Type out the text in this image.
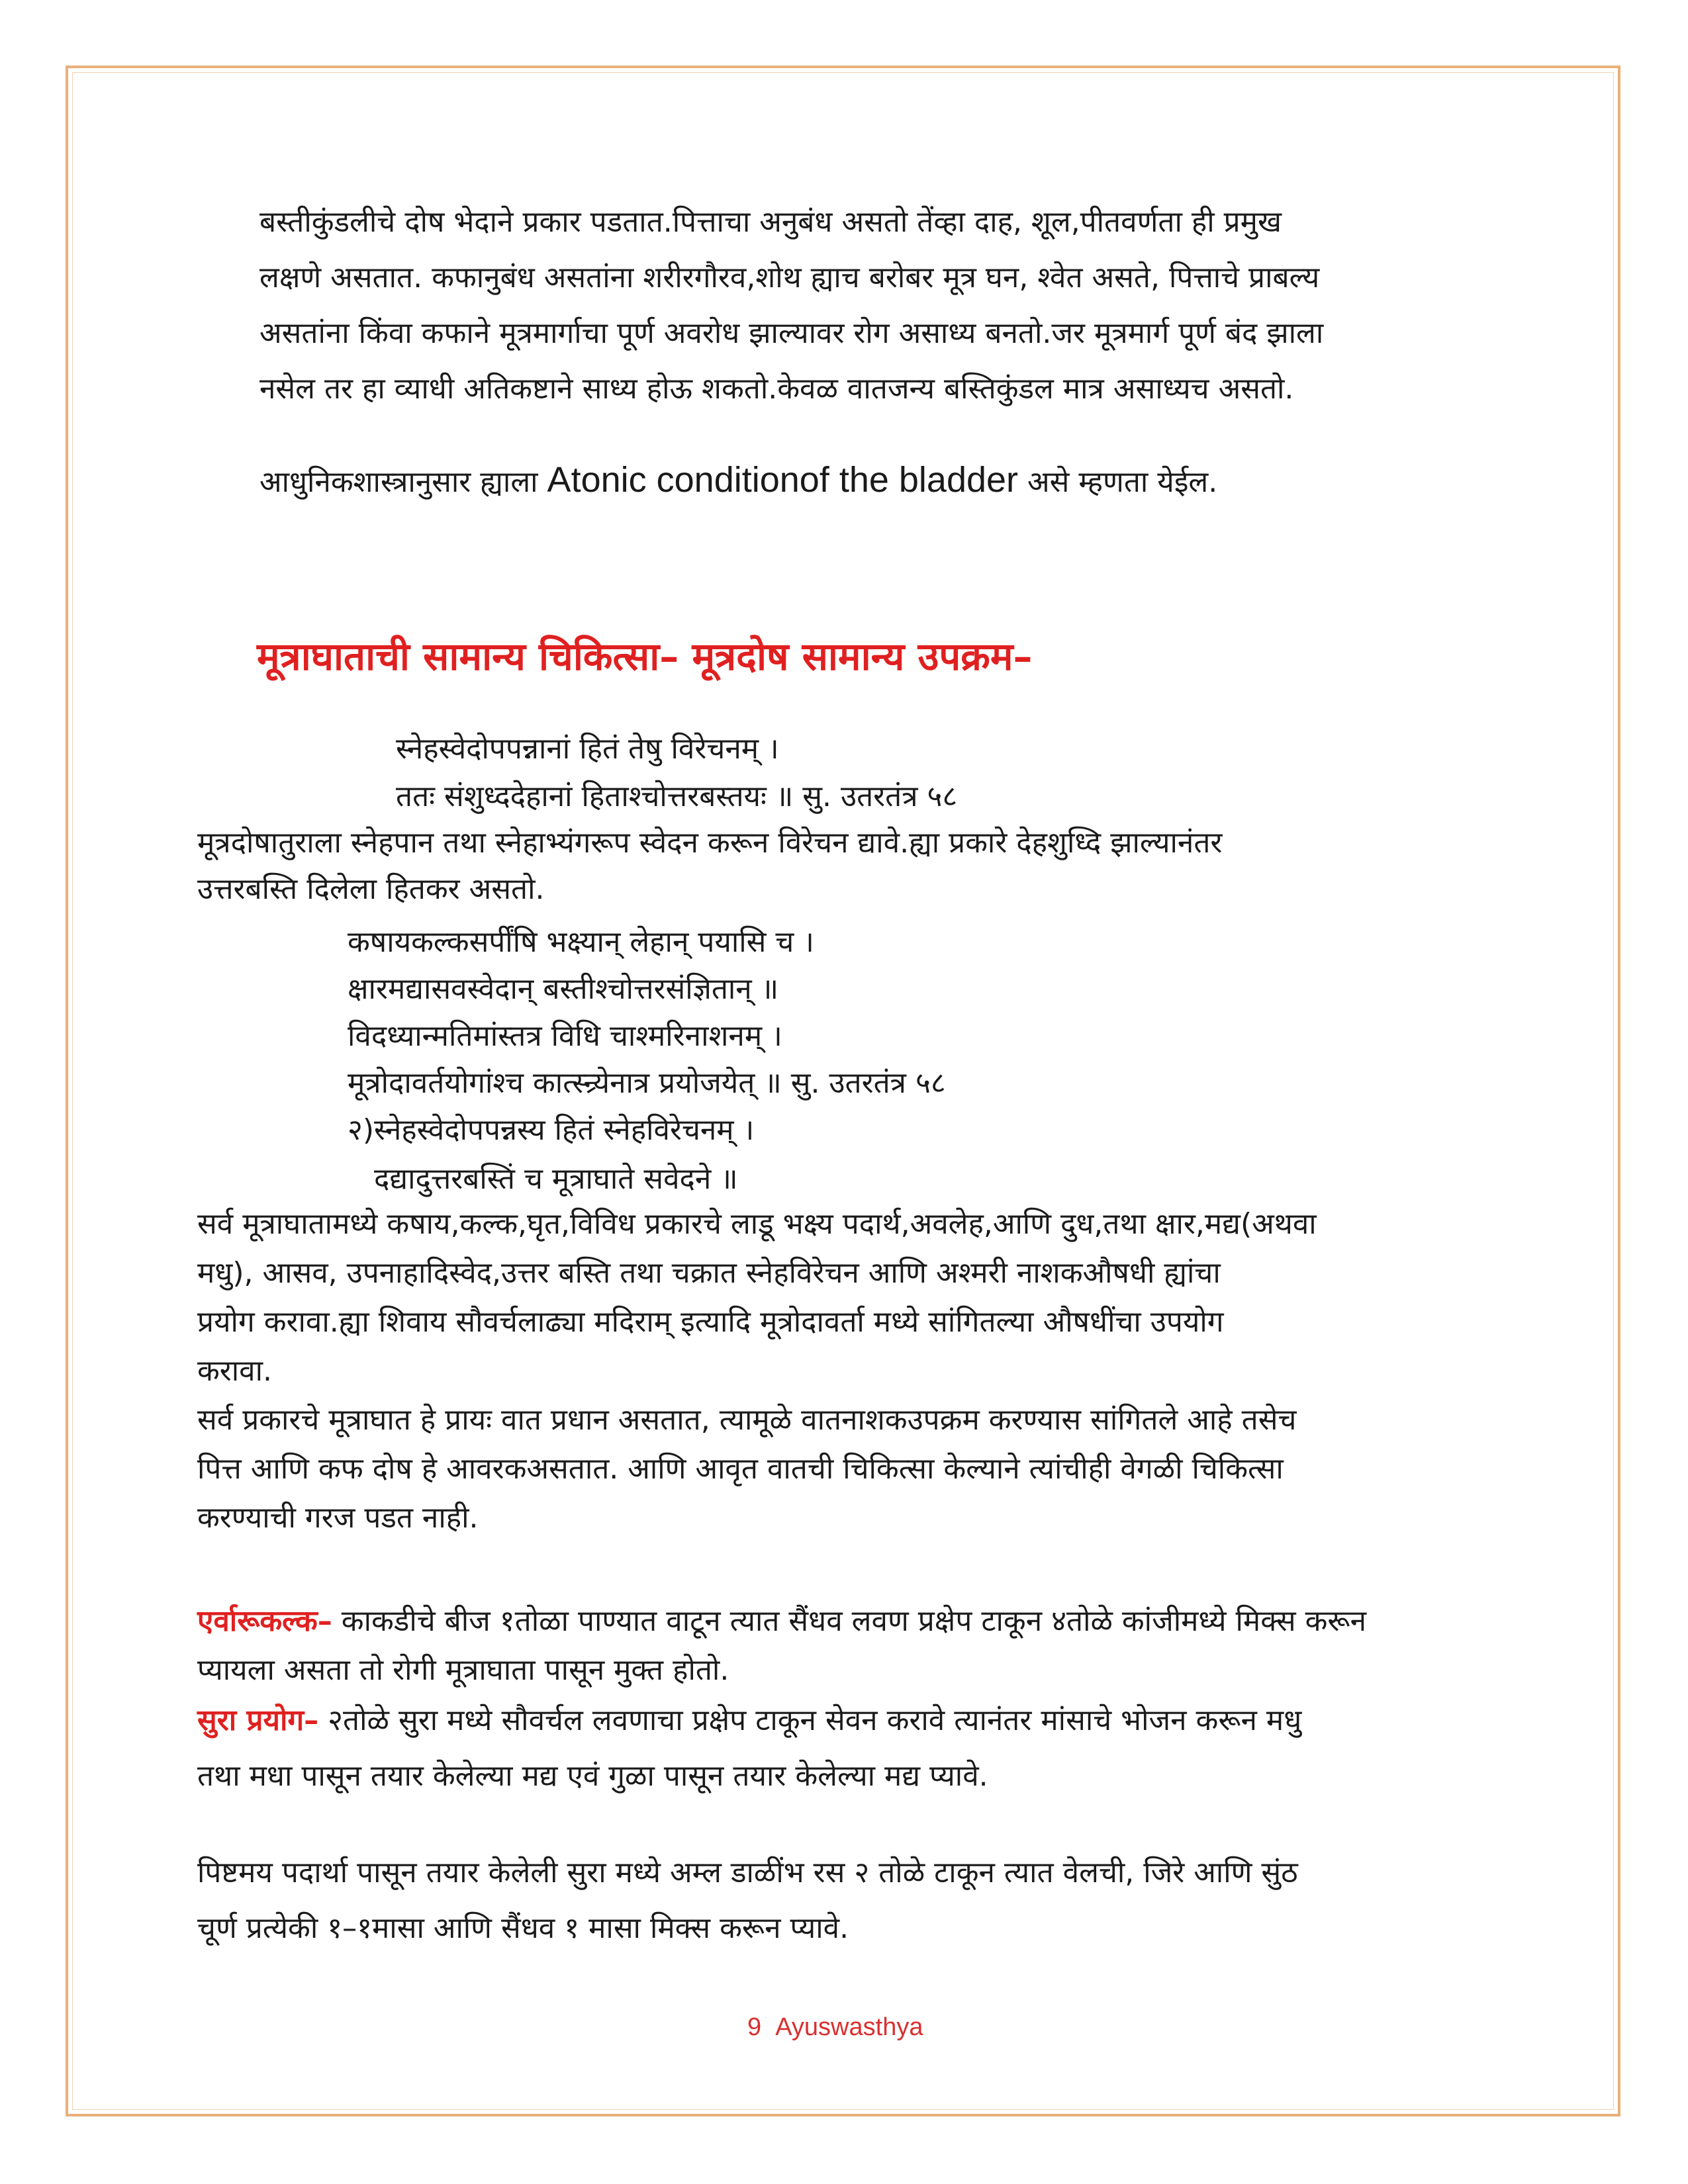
बस्तीकुंडलीचे दोष भेदाने प्रकार पडतात.पित्ताचा अनुबंध असतो तेंव्हा दाह, शूल,पीतवर्णता ही प्रमुख
लक्षणे असतात. कफानुबंध असतांना शरीरगौरव,शोथ ह्याच बरोबर मूत्र घन, श्वेत असते, पित्ताचे प्राबल्य
असतांना किंवा कफाने मूत्रमार्गाचा पूर्ण अवरोध झाल्यावर रोग असाध्य बनतो.जर मूत्रमार्ग पूर्ण बंद झाला
नसेल तर हा व्याधी अतिकष्टाने साध्य होऊ शकतो.केवळ वातजन्य बस्तिकुंडल मात्र असाध्यच असतो.
आधुनिकशास्त्रानुसार ह्याला Atonic conditionof the bladder असे म्हणता येईल.
मूत्राघाताची सामान्य चिकित्सा– मूत्रदोष सामान्य उपक्रम–
स्नेहस्वेदोपपन्नानां हितं तेषु विरेचनम् ।
ततः संशुध्ददेहानां हिताश्चोत्तरबस्तयः ॥ सु. उतरतंत्र ५८
मूत्रदोषातुराला स्नेहपान तथा स्नेहाभ्यंगरूप स्वेदन करून विरेचन द्यावे.ह्या प्रकारे देहशुध्दि झाल्यानंतर
उत्तरबस्ति दिलेला हितकर असतो.
कषायकल्कसर्पींषि भक्ष्यान् लेहान् पयासि च ।
क्षारमद्यासवस्वेदान् बस्तीश्चोत्तरसंज्ञितान् ॥
विदध्यान्मतिमांस्तत्र विधि चाश्मरिनाशनम् ।
मूत्रोदावर्तयोगांश्च कात्स्न्र्येनात्र प्रयोजयेत् ॥ सु. उतरतंत्र ५८
२)स्नेहस्वेदोपपन्नस्य हितं स्नेहविरेचनम् ।
दद्यादुत्तरबस्तिं च मूत्राघाते सवेदने ॥
सर्व मूत्राघातामध्ये कषाय,कल्क,घृत,विविध प्रकारचे लाडू भक्ष्य पदार्थ,अवलेह,आणि दुध,तथा क्षार,मद्य(अथवा
मधु), आसव, उपनाहादिस्वेद,उत्तर बस्ति तथा चक्रात स्नेहविरेचन आणि अश्मरी नाशकऔषधी ह्यांचा
प्रयोग करावा.ह्या शिवाय सौवर्चलाढ्या मदिराम् इत्यादि मूत्रोदावर्ता मध्ये सांगितल्या औषधींचा उपयोग
करावा.
सर्व प्रकारचे मूत्राघात हे प्रायः वात प्रधान असतात, त्यामूळे वातनाशकउपक्रम करण्यास सांगितले आहे तसेच
पित्त आणि कफ दोष हे आवरकअसतात. आणि आवृत वातची चिकित्सा केल्याने त्यांचीही वेगळी चिकित्सा
करण्याची गरज पडत नाही.
एर्वारूकल्क– काकडीचे बीज १तोळा पाण्यात वाटून त्यात सैंधव लवण प्रक्षेप टाकून ४तोळे कांजीमध्ये मिक्स करून
प्यायला असता तो रोगी मूत्राघाता पासून मुक्त होतो.
सुरा प्रयोग– २तोळे सुरा मध्ये सौवर्चल लवणाचा प्रक्षेप टाकून सेवन करावे त्यानंतर मांसाचे भोजन करून मधु
तथा मधा पासून तयार केलेल्या मद्य एवं गुळा पासून तयार केलेल्या मद्य प्यावे.
पिष्टमय पदार्था पासून तयार केलेली सुरा मध्ये अम्ल डाळींभ रस २ तोळे टाकून त्यात वेलची, जिरे आणि सुंठ
चूर्ण प्रत्येकी १–१मासा आणि सैंधव १ मासा मिक्स करून प्यावे.
9 Ayuswasthya
